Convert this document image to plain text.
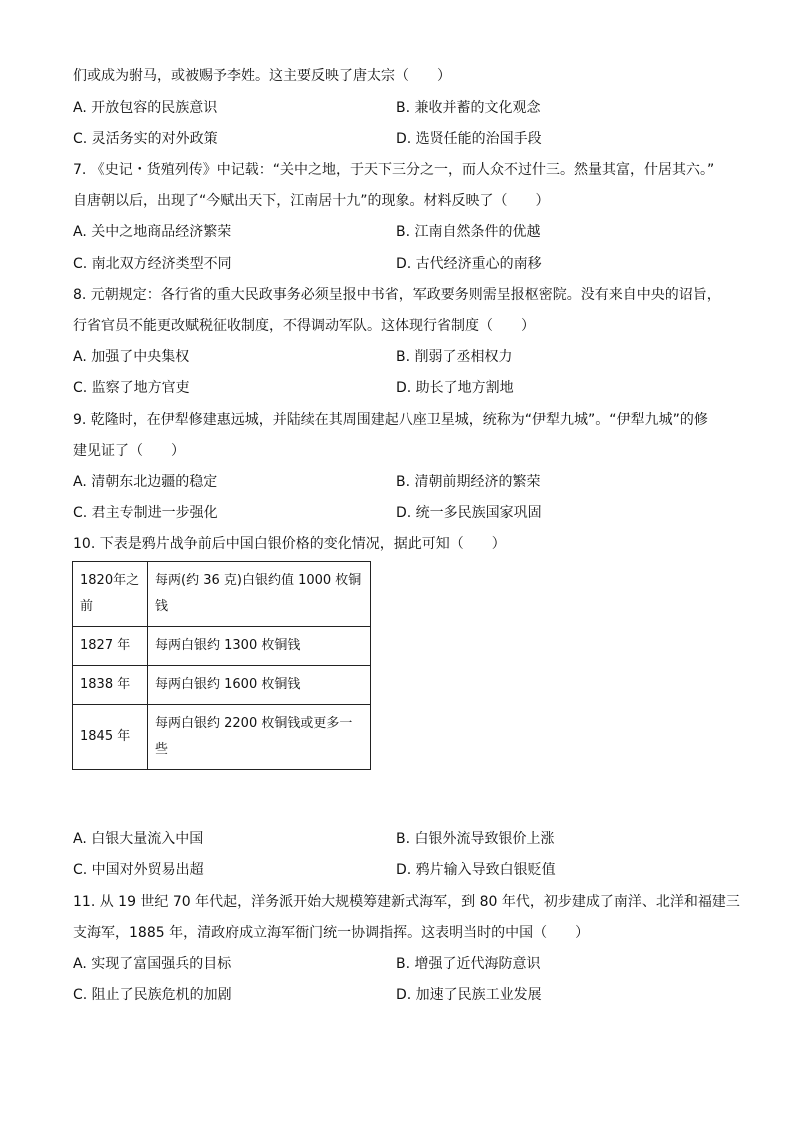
们或成为驸马，或被赐予李姓。这主要反映了唐太宗（　　）
A. 开放包容的民族意识	B. 兼收并蓄的文化观念
C. 灵活务实的对外政策	D. 选贤任能的治国手段
7. 《史记・货殖列传》中记载：“关中之地，于天下三分之一，而人众不过什三。然量其富，什居其六。”
自唐朝以后，出现了“今赋出天下，江南居十九”的现象。材料反映了（　　）
A. 关中之地商品经济繁荣	B. 江南自然条件的优越
C. 南北双方经济类型不同	D. 古代经济重心的南移
8. 元朝规定：各行省的重大民政事务必须呈报中书省，军政要务则需呈报枢密院。没有来自中央的诏旨，
行省官员不能更改赋税征收制度，不得调动军队。这体现行省制度（　　）
A. 加强了中央集权	B. 削弱了丞相权力
C. 监察了地方官吏	D. 助长了地方割地
9. 乾隆时，在伊犁修建惠远城，并陆续在其周围建起八座卫星城，统称为“伊犁九城”。“伊犁九城”的修
建见证了（　　）
A. 清朝东北边疆的稳定	B. 清朝前期经济的繁荣
C. 君主专制进一步强化	D. 统一多民族国家巩固
10. 下表是鸦片战争前后中国白银价格的变化情况，据此可知（　　）
1820年之前	每两(约 36 克)白银约值 1000 枚铜钱
1827 年	每两白银约 1300 枚铜钱
1838 年	每两白银约 1600 枚铜钱
1845 年	每两白银约 2200 枚铜钱或更多一些
A. 白银大量流入中国	B. 白银外流导致银价上涨
C. 中国对外贸易出超	D. 鸦片输入导致白银贬值
11. 从 19 世纪 70 年代起，洋务派开始大规模筹建新式海军，到 80 年代，初步建成了南洋、北洋和福建三
支海军，1885 年，清政府成立海军衙门统一协调指挥。这表明当时的中国（　　）
A. 实现了富国强兵的目标	B. 增强了近代海防意识
C. 阻止了民族危机的加剧	D. 加速了民族工业发展
